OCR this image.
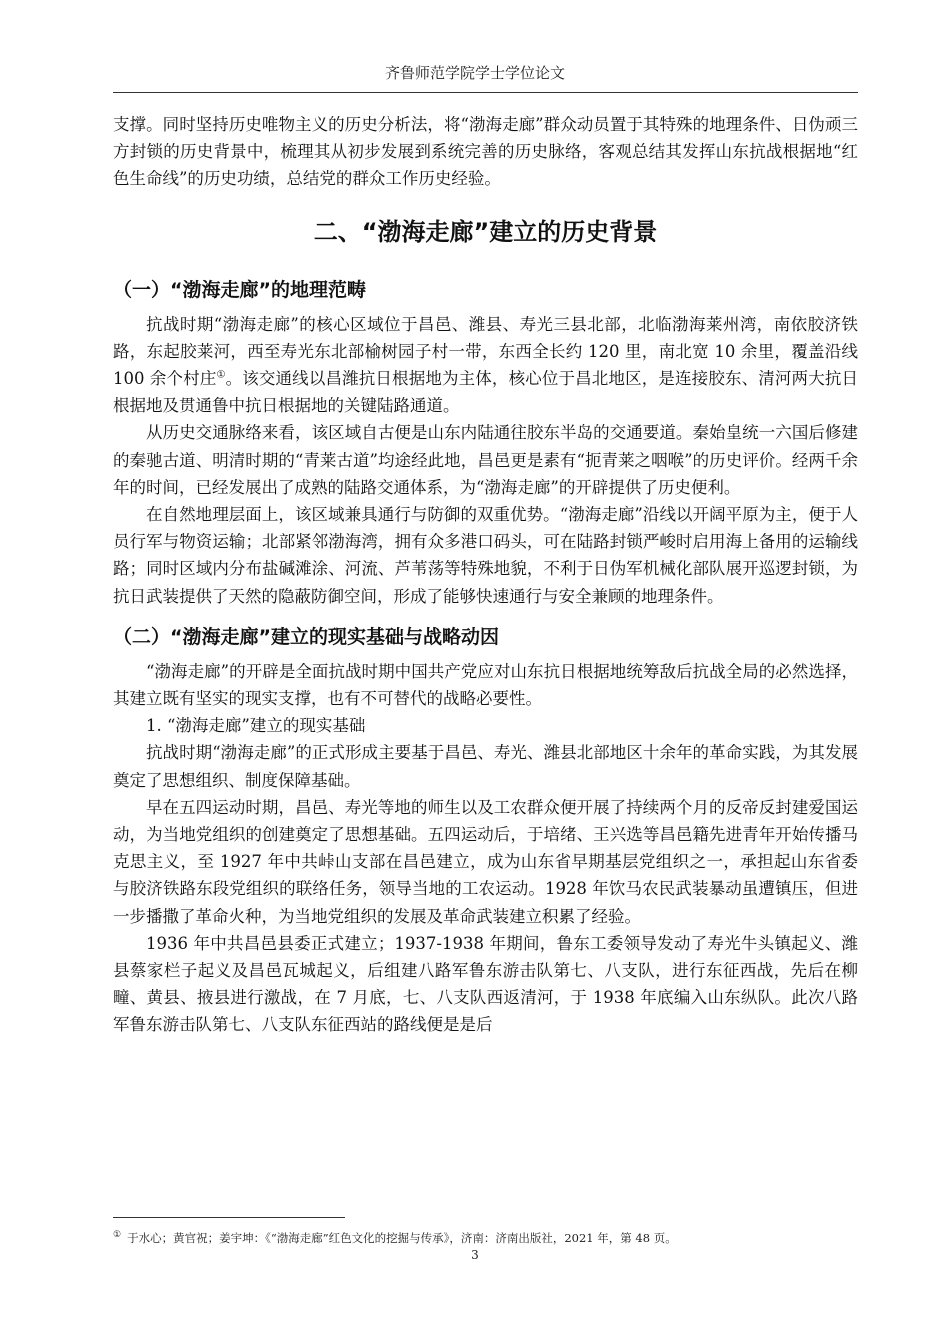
齐鲁师范学院学士学位论文

支撑。同时坚持历史唯物主义的历史分析法，将“渤海走廊”群众动员置于其特殊的地理条件、日伪顽三方封锁的历史背景中，梳理其从初步发展到系统完善的历史脉络，客观总结其发挥山东抗战根据地“红色生命线”的历史功绩，总结党的群众工作历史经验。

二、“渤海走廊”建立的历史背景
（一）“渤海走廊”的地理范畴

抗战时期“渤海走廊”的核心区域位于昌邑、潍县、寿光三县北部，北临渤海莱州湾，南依胶济铁路，东起胶莱河，西至寿光东北部榆树园子村一带，东西全长约 120 里，南北宽 10 余里，覆盖沿线 100 余个村庄①。该交通线以昌潍抗日根据地为主体，核心位于昌北地区，是连接胶东、清河两大抗日根据地及贯通鲁中抗日根据地的关键陆路通道。

从历史交通脉络来看，该区域自古便是山东内陆通往胶东半岛的交通要道。秦始皇统一六国后修建的秦驰古道、明清时期的“青莱古道”均途经此地，昌邑更是素有“扼青莱之咽喉”的历史评价。经两千余年的时间，已经发展出了成熟的陆路交通体系，为“渤海走廊”的开辟提供了历史便利。

在自然地理层面上，该区域兼具通行与防御的双重优势。“渤海走廊”沿线以开阔平原为主，便于人员行军与物资运输；北部紧邻渤海湾，拥有众多港口码头，可在陆路封锁严峻时启用海上备用的运输线路；同时区域内分布盐碱滩涂、河流、芦苇荡等特殊地貌，不利于日伪军机械化部队展开巡逻封锁，为抗日武装提供了天然的隐蔽防御空间，形成了能够快速通行与安全兼顾的地理条件。

（二）“渤海走廊”建立的现实基础与战略动因

“渤海走廊”的开辟是全面抗战时期中国共产党应对山东抗日根据地统筹敌后抗战全局的必然选择，其建立既有坚实的现实支撑，也有不可替代的战略必要性。

1. “渤海走廊”建立的现实基础

抗战时期“渤海走廊”的正式形成主要基于昌邑、寿光、潍县北部地区十余年的革命实践，为其发展奠定了思想组织、制度保障基础。

早在五四运动时期，昌邑、寿光等地的师生以及工农群众便开展了持续两个月的反帝反封建爱国运动，为当地党组织的创建奠定了思想基础。五四运动后，于培绪、王兴选等昌邑籍先进青年开始传播马克思主义，至 1927 年中共峠山支部在昌邑建立，成为山东省早期基层党组织之一，承担起山东省委与胶济铁路东段党组织的联络任务，领导当地的工农运动。1928 年饮马农民武装暴动虽遭镇压，但进一步播撒了革命火种，为当地党组织的发展及革命武装建立积累了经验。

1936 年中共昌邑县委正式建立；1937-1938 年期间，鲁东工委领导发动了寿光牛头镇起义、潍县蔡家栏子起义及昌邑瓦城起义，后组建八路军鲁东游击队第七、八支队，进行东征西战，先后在柳疃、黄县、掖县进行激战，在 7 月底，七、八支队西返清河，于 1938 年底编入山东纵队。此次八路军鲁东游击队第七、八支队东征西站的路线便是是后

① 于水心；黄官祝；姜宇坤：《“渤海走廊”红色文化的挖掘与传承》，济南：济南出版社，2021 年，第 48 页。
3
